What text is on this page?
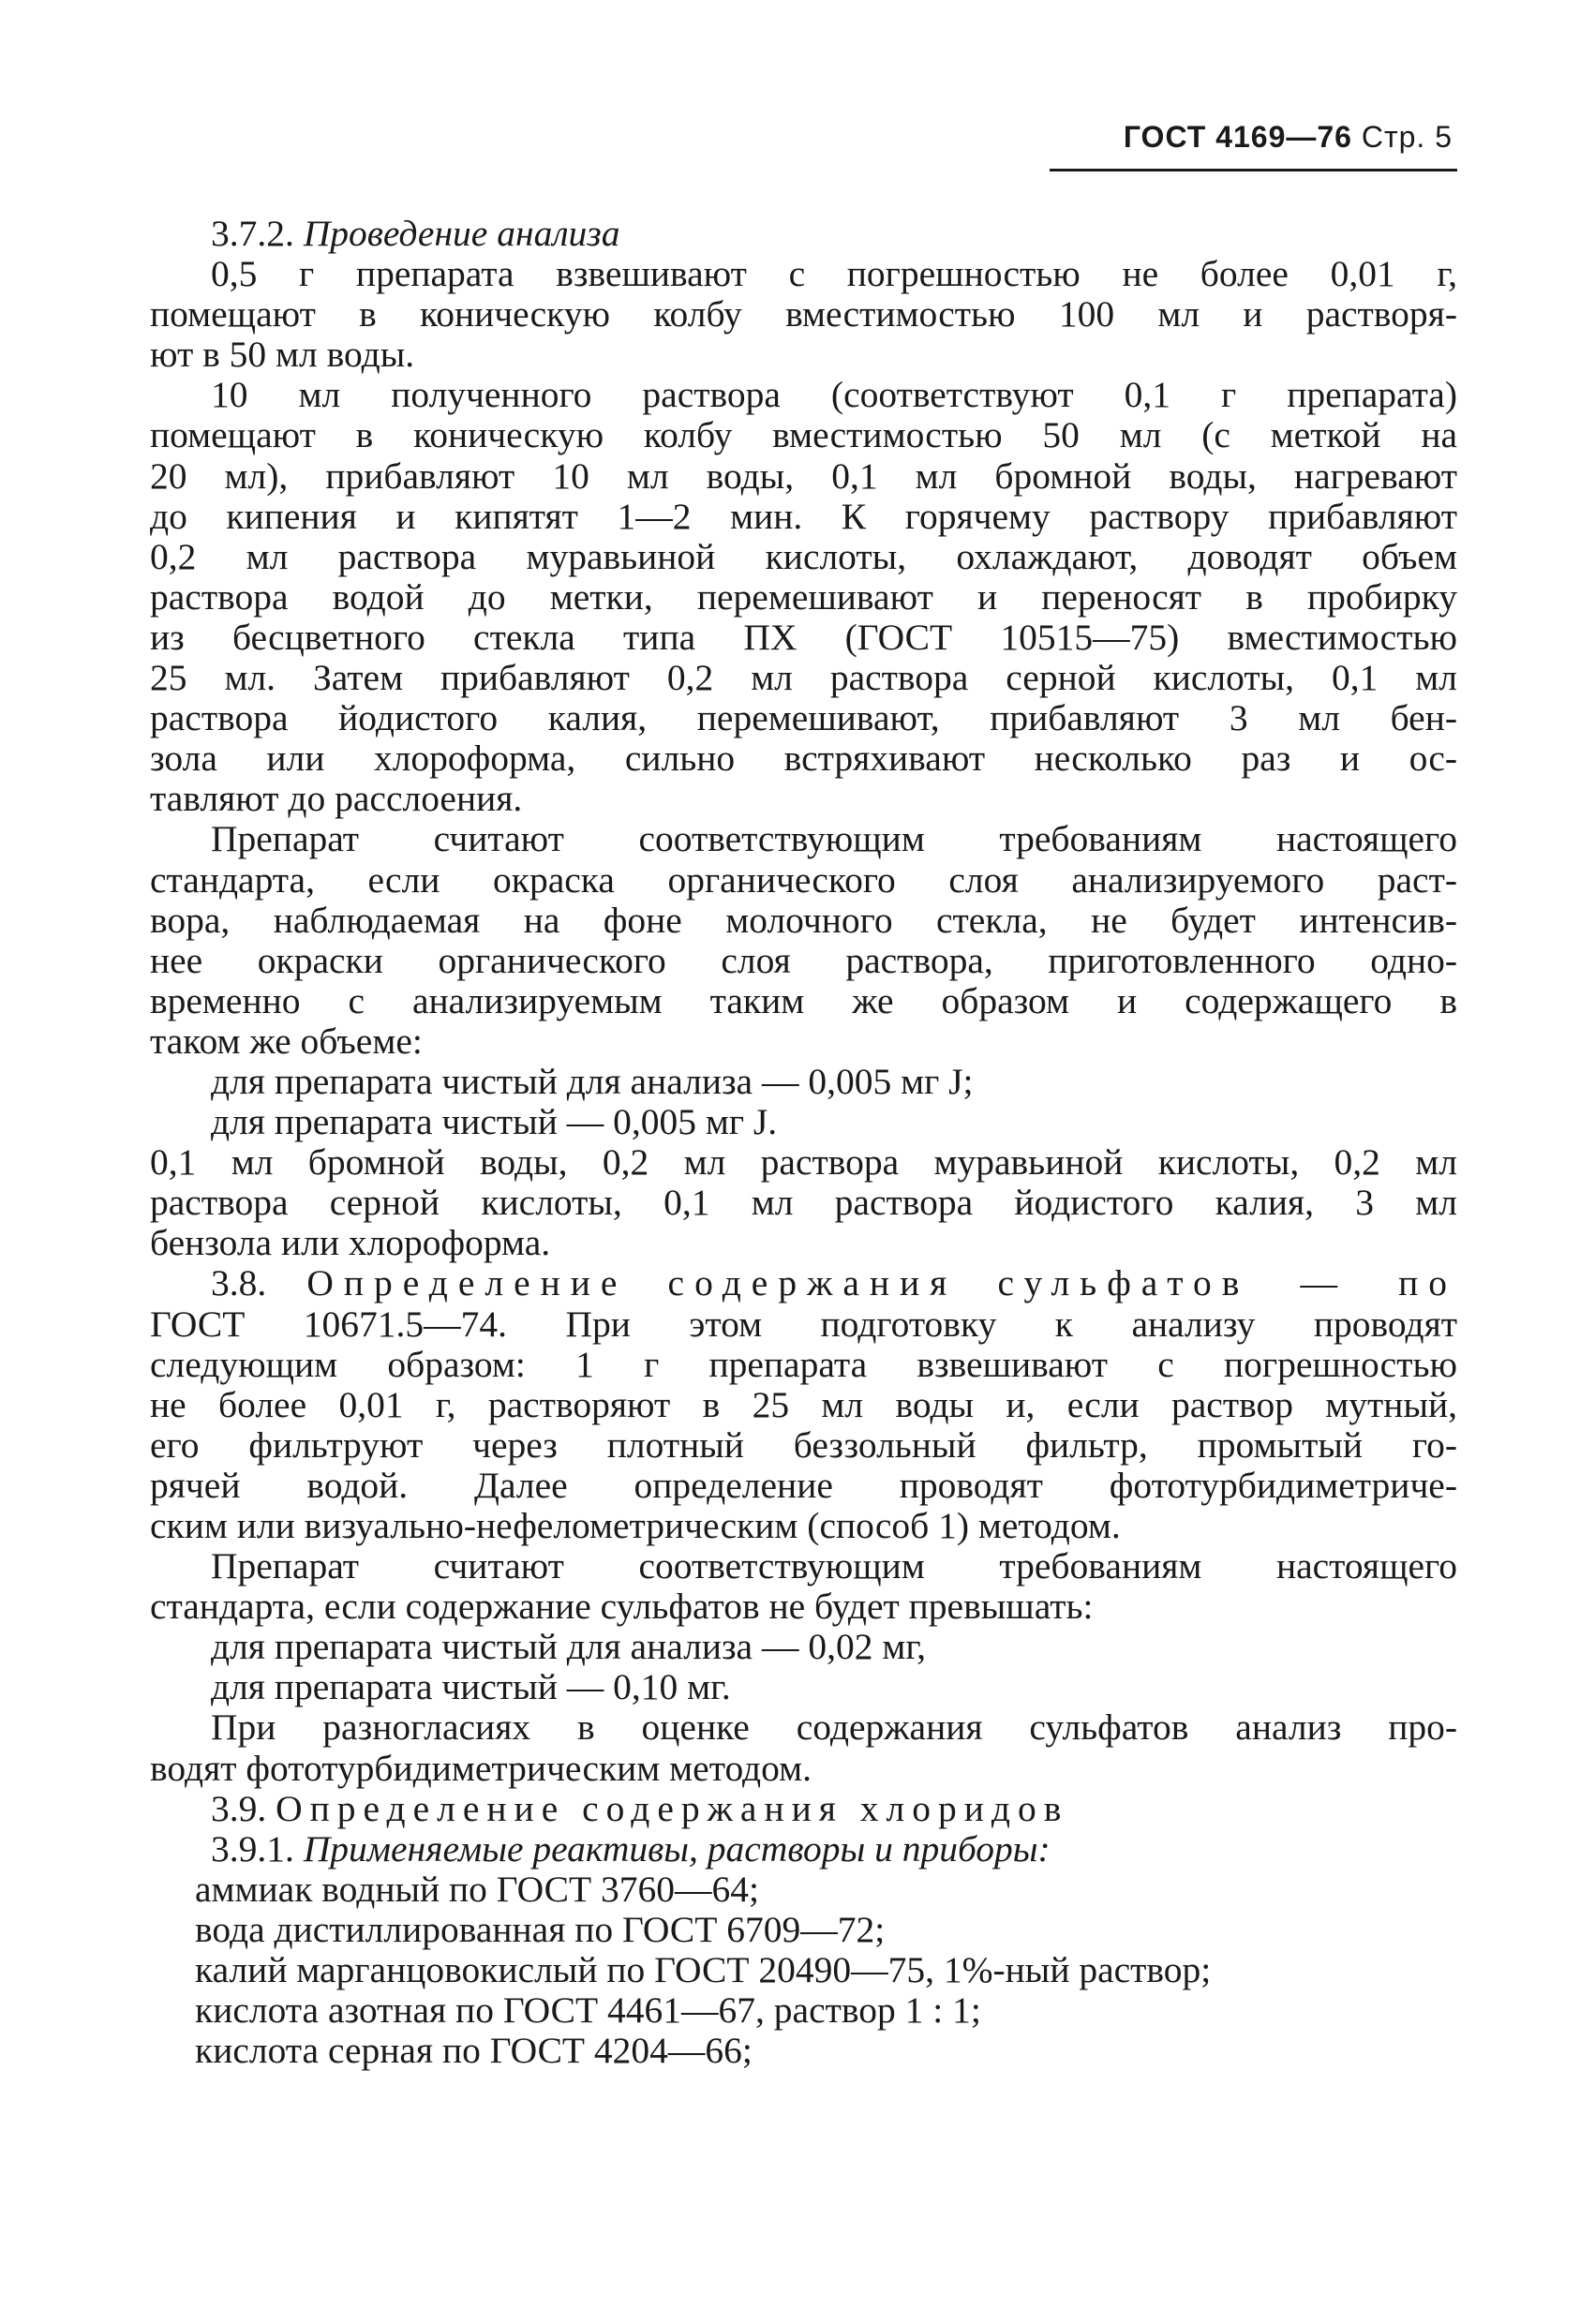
ГОСТ 4169—76 Стр. 5
3.7.2. Проведение анализа
0,5 г препарата взвешивают с погрешностью не более 0,01 г,
помещают в коническую колбу вместимостью 100 мл и растворя-
ют в 50 мл воды.
10 мл полученного раствора (соответствуют 0,1 г препарата)
помещают в коническую колбу вместимостью 50 мл (с меткой на
20 мл), прибавляют 10 мл воды, 0,1 мл бромной воды, нагревают
до кипения и кипятят 1—2 мин. К горячему раствору прибавляют
0,2 мл раствора муравьиной кислоты, охлаждают, доводят объем
раствора водой до метки, перемешивают и переносят в пробирку
из бесцветного стекла типа ПХ (ГОСТ 10515—75) вместимостью
25 мл. Затем прибавляют 0,2 мл раствора серной кислоты, 0,1 мл
раствора йодистого калия, перемешивают, прибавляют 3 мл бен-
зола или хлороформа, сильно встряхивают несколько раз и ос-
тавляют до расслоения.
Препарат считают соответствующим требованиям настоящего
стандарта, если окраска органического слоя анализируемого раст-
вора, наблюдаемая на фоне молочного стекла, не будет интенсив-
нее окраски органического слоя раствора, приготовленного одно-
временно с анализируемым таким же образом и содержащего в
таком же объеме:
для препарата чистый для анализа — 0,005 мг J;
для препарата чистый — 0,005 мг J.
0,1 мл бромной воды, 0,2 мл раствора муравьиной кислоты, 0,2 мл
раствора серной кислоты, 0,1 мл раствора йодистого калия, 3 мл
бензола или хлороформа.
3.8. Определение содержания сульфатов — по
ГОСТ 10671.5—74. При этом подготовку к анализу проводят
следующим образом: 1 г препарата взвешивают с погрешностью
не более 0,01 г, растворяют в 25 мл воды и, если раствор мутный,
его фильтруют через плотный беззольный фильтр, промытый го-
рячей водой. Далее определение проводят фототурбидиметриче-
ским или визуально-нефелометрическим (способ 1) методом.
Препарат считают соответствующим требованиям настоящего
стандарта, если содержание сульфатов не будет превышать:
для препарата чистый для анализа — 0,02 мг,
для препарата чистый — 0,10 мг.
При разногласиях в оценке содержания сульфатов анализ про-
водят фототурбидиметрическим методом.
3.9. Определение содержания хлоридов
3.9.1. Применяемые реактивы, растворы и приборы:
аммиак водный по ГОСТ 3760—64;
вода дистиллированная по ГОСТ 6709—72;
калий марганцовокислый по ГОСТ 20490—75, 1%-ный раствор;
кислота азотная по ГОСТ 4461—67, раствор 1 : 1;
кислота серная по ГОСТ 4204—66;
